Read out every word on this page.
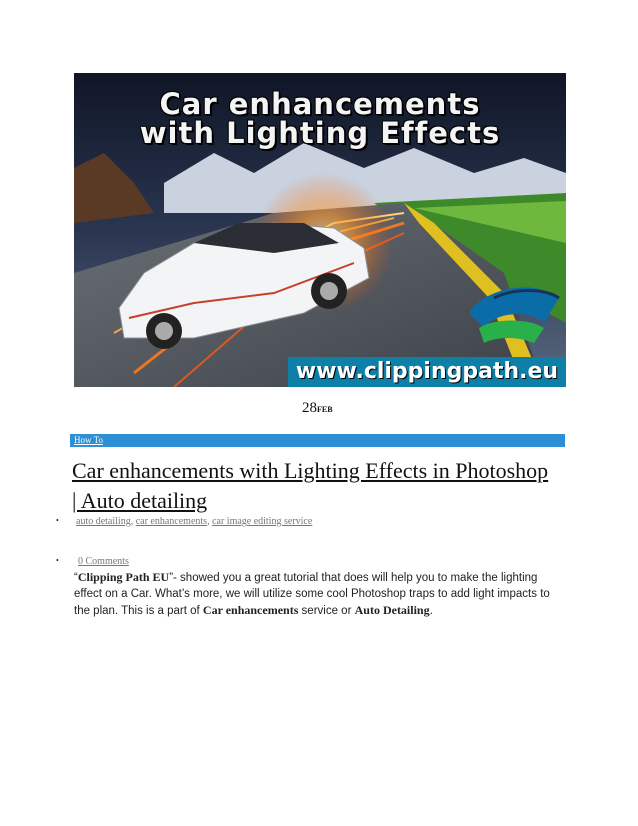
Car enhancements
with Lighting Effects
www.clippingpath.eu
28FEB
How To
Car enhancements with Lighting Effects in Photoshop | Auto detailing
• auto detailing, car enhancements, car image editing service
• 0 Comments

“Clipping Path EU”- showed you a great tutorial that does will help you to make the lighting effect on a Car. What’s more, we will utilize some cool Photoshop traps to add light impacts to the plan. This is a part of Car enhancements service or Auto Detailing.
